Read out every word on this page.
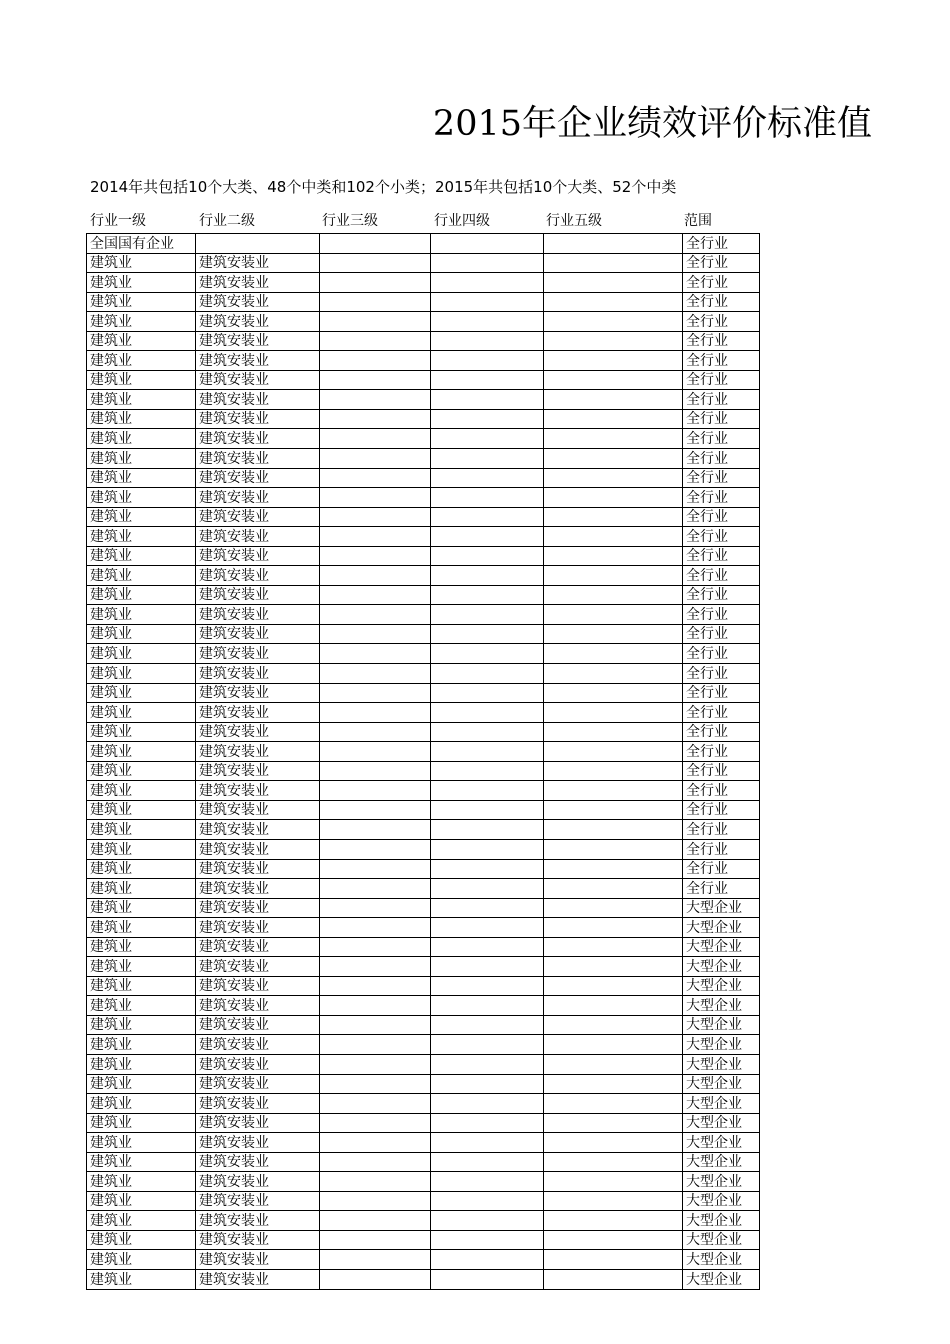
2015年企业绩效评价标准值
2014年共包括10个大类、48个中类和102个小类；2015年共包括10个大类、52个中类
行业一级	行业二级	行业三级	行业四级	行业五级	范围
全国国有企业					全行业
建筑业	建筑安装业				全行业
建筑业	建筑安装业				全行业
建筑业	建筑安装业				全行业
建筑业	建筑安装业				全行业
建筑业	建筑安装业				全行业
建筑业	建筑安装业				全行业
建筑业	建筑安装业				全行业
建筑业	建筑安装业				全行业
建筑业	建筑安装业				全行业
建筑业	建筑安装业				全行业
建筑业	建筑安装业				全行业
建筑业	建筑安装业				全行业
建筑业	建筑安装业				全行业
建筑业	建筑安装业				全行业
建筑业	建筑安装业				全行业
建筑业	建筑安装业				全行业
建筑业	建筑安装业				全行业
建筑业	建筑安装业				全行业
建筑业	建筑安装业				全行业
建筑业	建筑安装业				全行业
建筑业	建筑安装业				全行业
建筑业	建筑安装业				全行业
建筑业	建筑安装业				全行业
建筑业	建筑安装业				全行业
建筑业	建筑安装业				全行业
建筑业	建筑安装业				全行业
建筑业	建筑安装业				全行业
建筑业	建筑安装业				全行业
建筑业	建筑安装业				全行业
建筑业	建筑安装业				全行业
建筑业	建筑安装业				全行业
建筑业	建筑安装业				全行业
建筑业	建筑安装业				全行业
建筑业	建筑安装业				大型企业
建筑业	建筑安装业				大型企业
建筑业	建筑安装业				大型企业
建筑业	建筑安装业				大型企业
建筑业	建筑安装业				大型企业
建筑业	建筑安装业				大型企业
建筑业	建筑安装业				大型企业
建筑业	建筑安装业				大型企业
建筑业	建筑安装业				大型企业
建筑业	建筑安装业				大型企业
建筑业	建筑安装业				大型企业
建筑业	建筑安装业				大型企业
建筑业	建筑安装业				大型企业
建筑业	建筑安装业				大型企业
建筑业	建筑安装业				大型企业
建筑业	建筑安装业				大型企业
建筑业	建筑安装业				大型企业
建筑业	建筑安装业				大型企业
建筑业	建筑安装业				大型企业
建筑业	建筑安装业				大型企业
